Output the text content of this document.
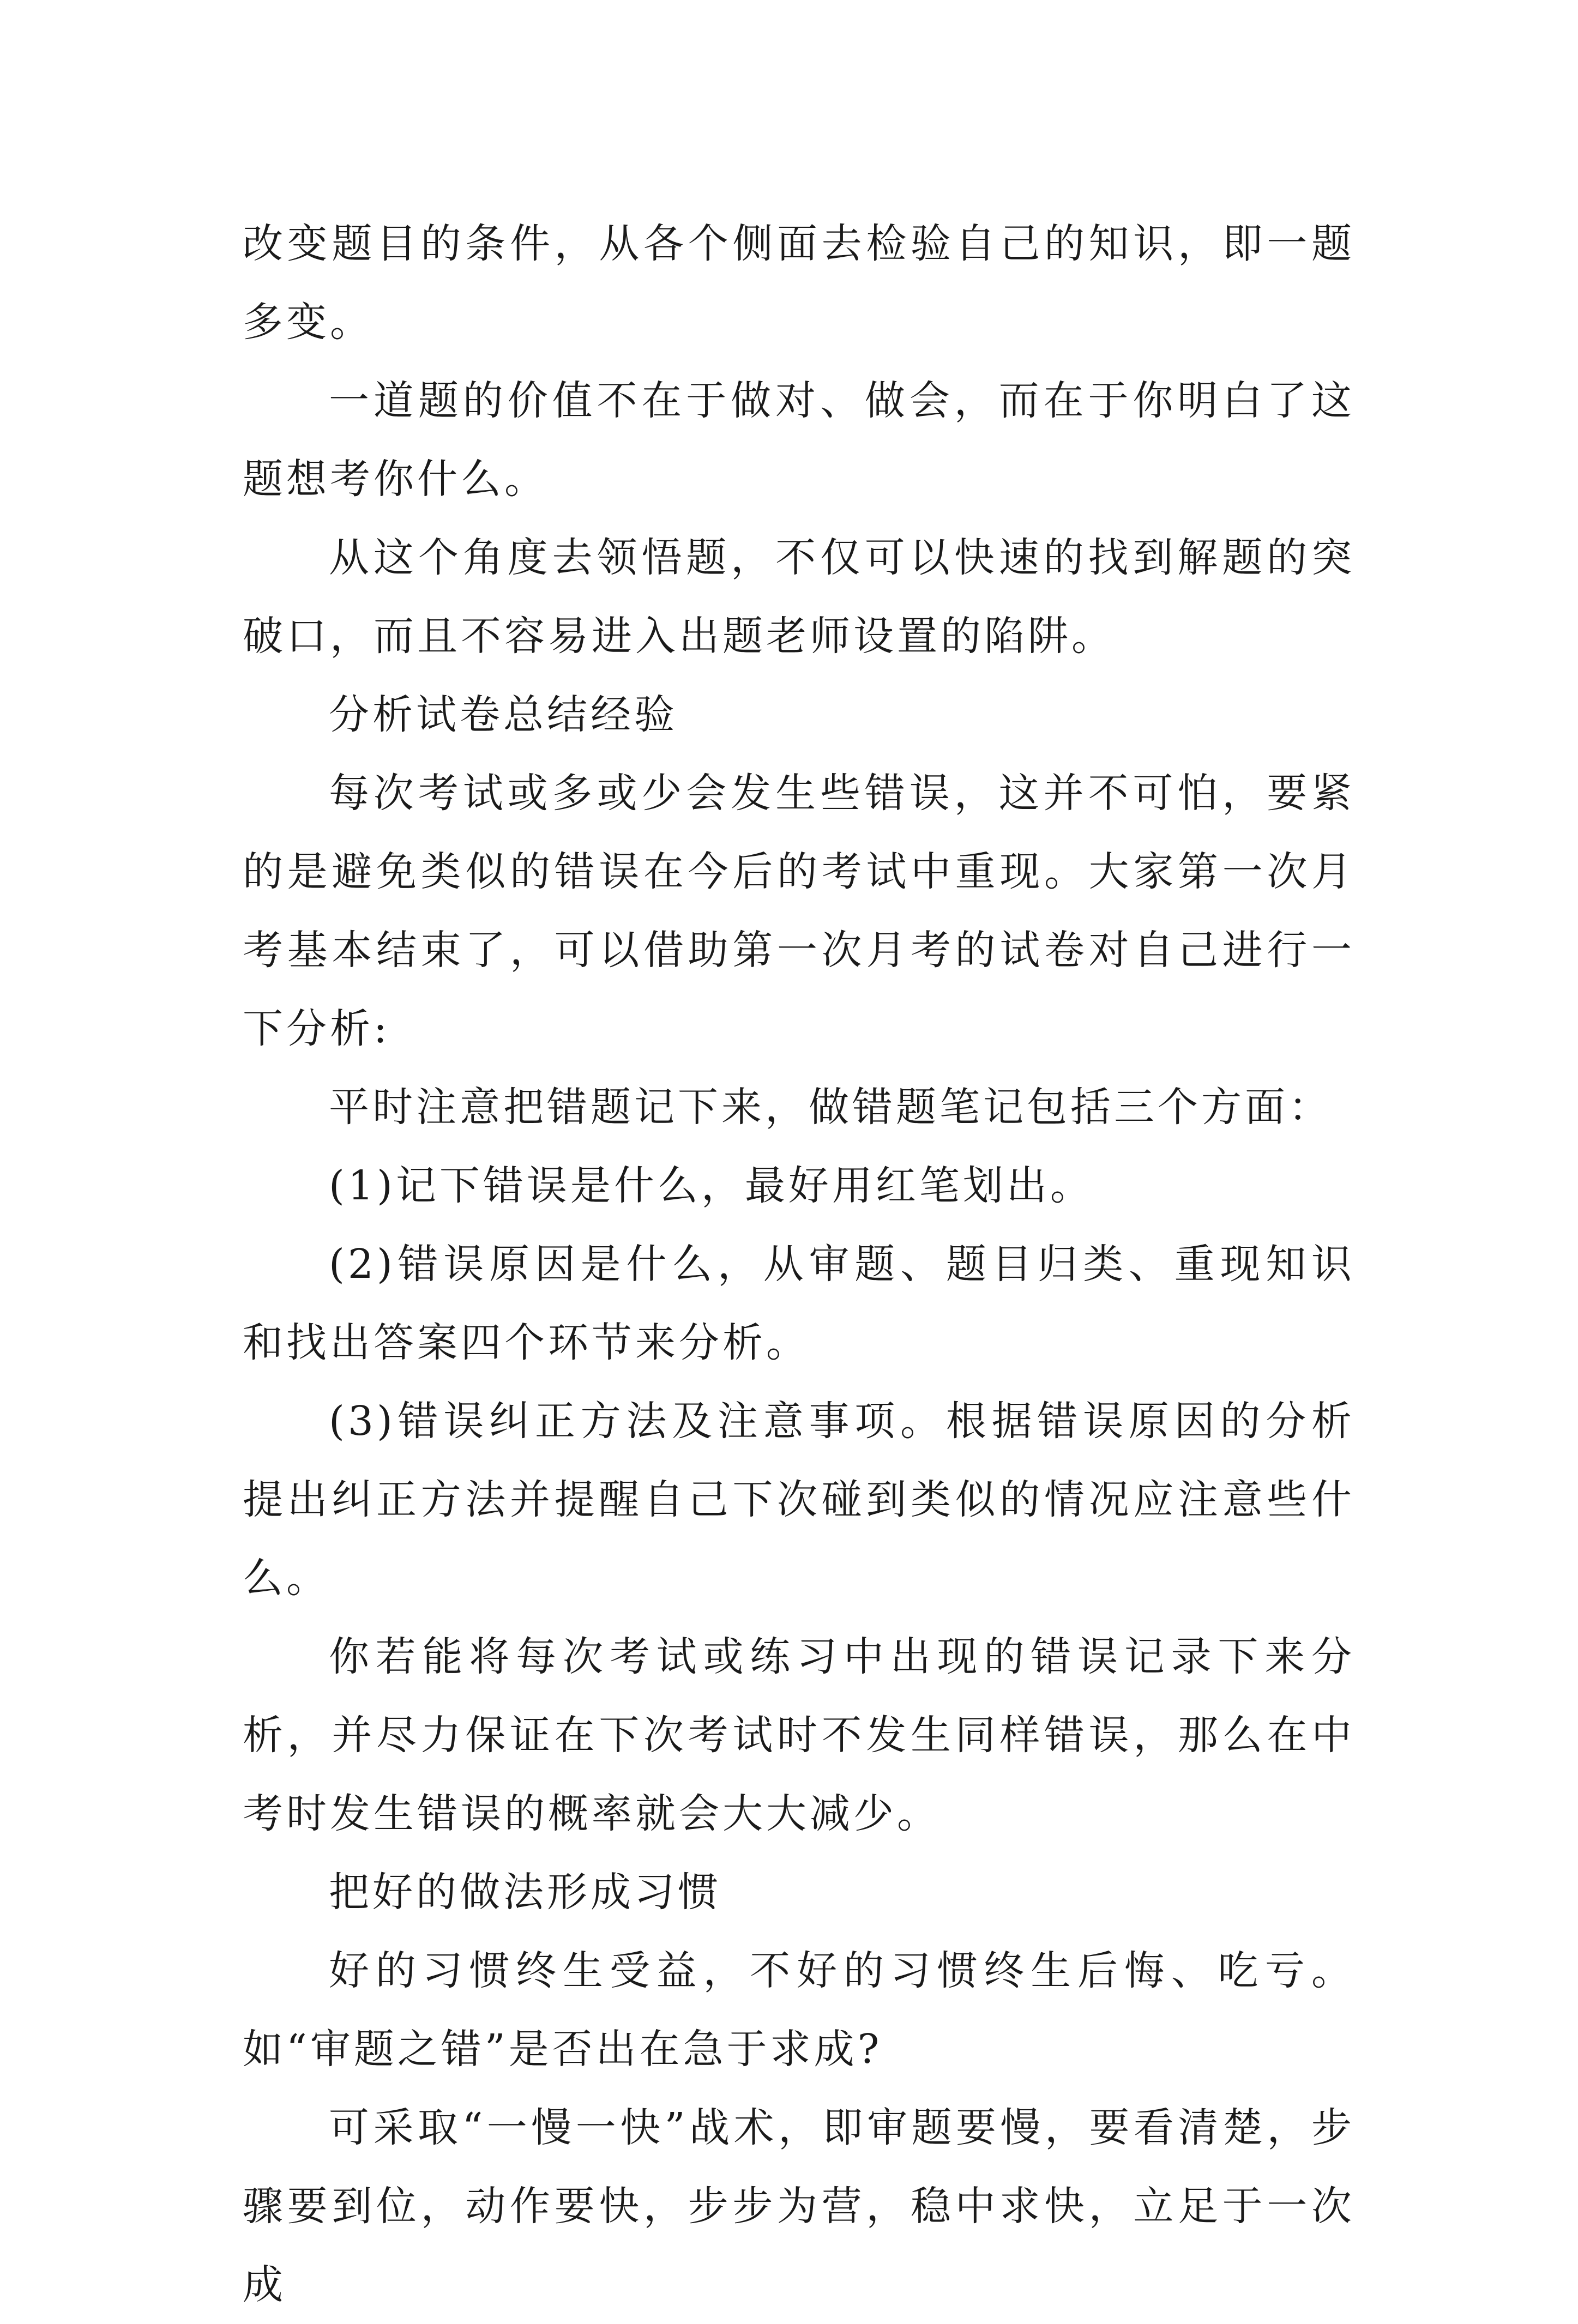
改变题目的条件，从各个侧面去检验自己的知识，即一题多变。

一道题的价值不在于做对、做会，而在于你明白了这题想考你什么。

从这个角度去领悟题，不仅可以快速的找到解题的突破口，而且不容易进入出题老师设置的陷阱。

分析试卷总结经验

每次考试或多或少会发生些错误，这并不可怕，要紧的是避免类似的错误在今后的考试中重现。大家第一次月考基本结束了，可以借助第一次月考的试卷对自己进行一下分析:

平时注意把错题记下来，做错题笔记包括三个方面：

(1)记下错误是什么，最好用红笔划出。

(2)错误原因是什么，从审题、题目归类、重现知识和找出答案四个环节来分析。

(3)错误纠正方法及注意事项。根据错误原因的分析提出纠正方法并提醒自己下次碰到类似的情况应注意些什么。

你若能将每次考试或练习中出现的错误记录下来分析，并尽力保证在下次考试时不发生同样错误，那么在中考时发生错误的概率就会大大减少。

把好的做法形成习惯

好的习惯终生受益，不好的习惯终生后悔、吃亏。如“审题之错”是否出在急于求成?

可采取“一慢一快”战术，即审题要慢，要看清楚，步骤要到位，动作要快，步步为营，稳中求快，立足于一次成
